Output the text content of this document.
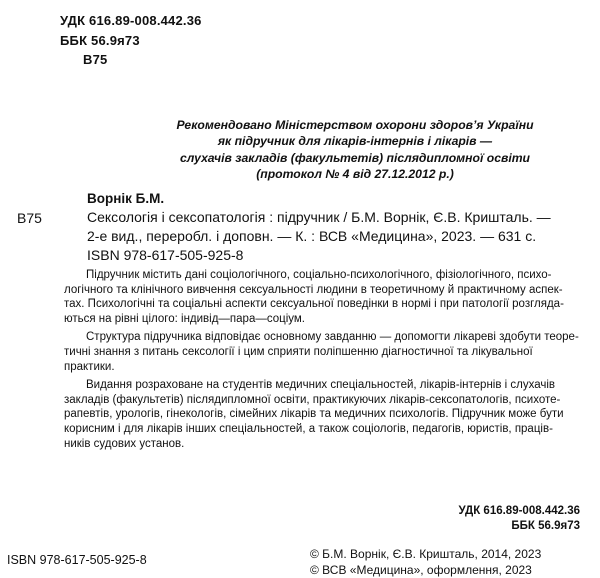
УДК 616.89-008.442.36
ББК 56.9я73
В75
Рекомендовано Міністерством охорони здоров’я України
як підручник для лікарів-інтернів і лікарів —
слухачів закладів (факультетів) післядипломної освіти
(протокол № 4 від 27.12.2012 р.)
Ворнік Б.М.
В75	Сексологія і сексопатологія : підручник / Б.М. Ворнік, Є.В. Кришталь. —
2-е вид., переробл. і доповн. — К. : ВСВ «Медицина», 2023. — 631 с.
ISBN 978-617-505-925-8
Підручник містить дані соціологічного, соціально-психологічного, фізіологічного, психо-
логічного та клінічного вивчення сексуальності людини в теоретичному й практичному аспек-
тах. Психологічні та соціальні аспекти сексуальної поведінки в нормі і при патології розгляда-
ються на рівні цілого: індивід—пара—соціум.
Структура підручника відповідає основному завданню — допомогти лікареві здобути теоре-
тичні знання з питань сексології і цим сприяти поліпшенню діагностичної та лікувальної
практики.
Видання розраховане на студентів медичних спеціальностей, лікарів-інтернів і слухачів
закладів (факультетів) післядипломної освіти, практикуючих лікарів-сексопатологів, психоте-
рапевтів, урологів, гінекологів, сімейних лікарів та медичних психологів. Підручник може бути
корисним і для лікарів інших спеціальностей, а також соціологів, педагогів, юристів, праців-
ників судових установ.
УДК 616.89-008.442.36
ББК 56.9я73
ISBN 978-617-505-925-8	© Б.М. Ворнік, Є.В. Кришталь, 2014, 2023
© ВСВ «Медицина», оформлення, 2023
